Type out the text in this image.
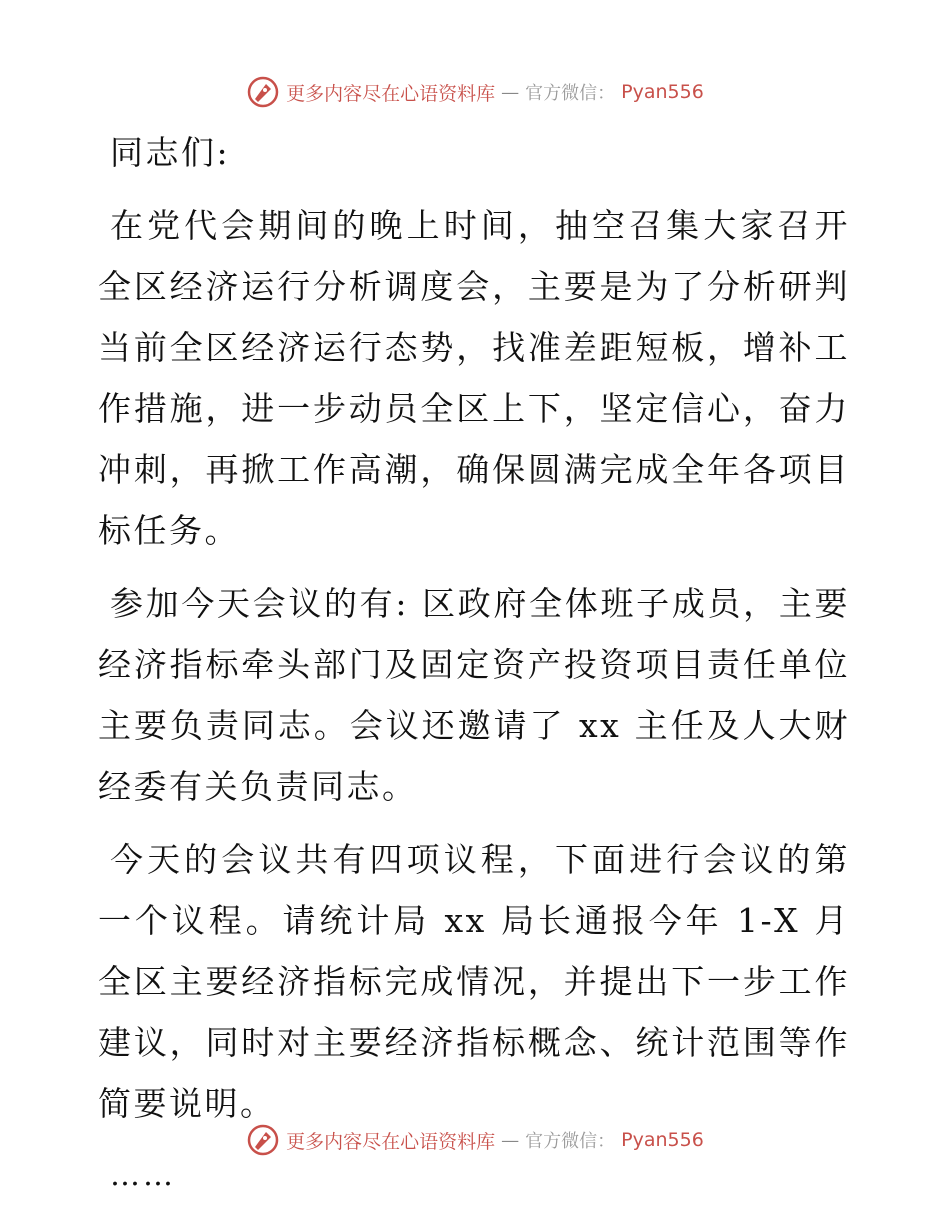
更多内容尽在心语资料库 — 官方微信： Pyan556

同志们:

在党代会期间的晚上时间，抽空召集大家召开全区经济运行分析调度会，主要是为了分析研判当前全区经济运行态势，找准差距短板，增补工作措施，进一步动员全区上下，坚定信心，奋力冲刺，再掀工作高潮，确保圆满完成全年各项目标任务。

参加今天会议的有: 区政府全体班子成员，主要经济指标牵头部门及固定资产投资项目责任单位主要负责同志。会议还邀请了 xx 主任及人大财经委有关负责同志。

今天的会议共有四项议程，下面进行会议的第一个议程。请统计局 xx 局长通报今年 1-X 月全区主要经济指标完成情况，并提出下一步工作建议，同时对主要经济指标概念、统计范围等作简要说明。

……

更多内容尽在心语资料库 — 官方微信： Pyan556
